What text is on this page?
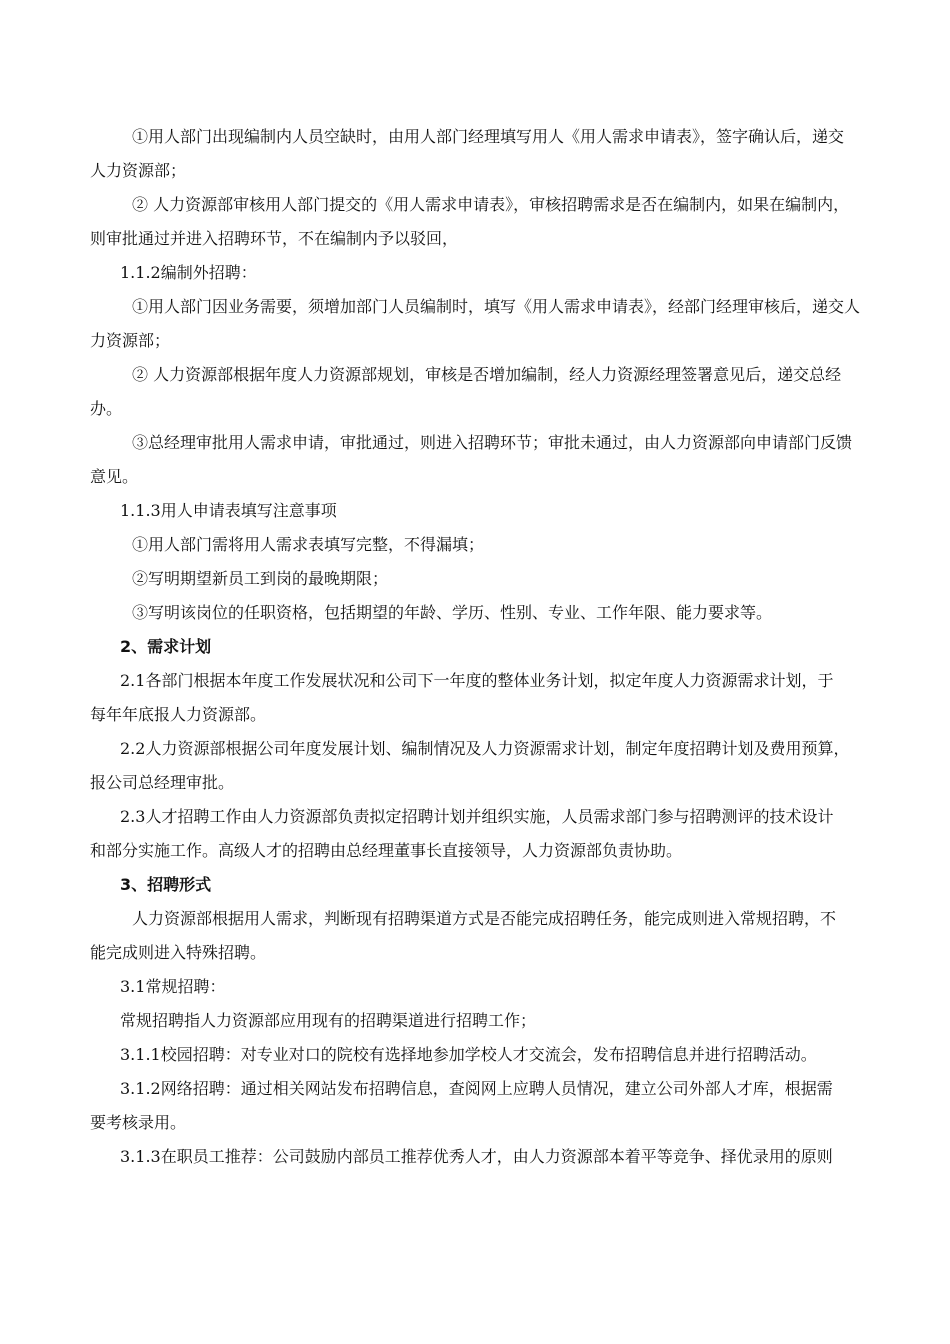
①用人部门出现编制内人员空缺时，由用人部门经理填写用人《用人需求申请表》，签字确认后，递交
人力资源部；
② 人力资源部审核用人部门提交的《用人需求申请表》，审核招聘需求是否在编制内，如果在编制内，
则审批通过并进入招聘环节，不在编制内予以驳回，
1.1.2编制外招聘：
①用人部门因业务需要，须增加部门人员编制时，填写《用人需求申请表》，经部门经理审核后，递交人
力资源部；
② 人力资源部根据年度人力资源部规划，审核是否增加编制，经人力资源经理签署意见后，递交总经
办。
③总经理审批用人需求申请，审批通过，则进入招聘环节；审批未通过，由人力资源部向申请部门反馈
意见。
1.1.3用人申请表填写注意事项
①用人部门需将用人需求表填写完整，不得漏填；
②写明期望新员工到岗的最晚期限；
③写明该岗位的任职资格，包括期望的年龄、学历、性别、专业、工作年限、能力要求等。
2、需求计划
2.1各部门根据本年度工作发展状况和公司下一年度的整体业务计划，拟定年度人力资源需求计划，于
每年年底报人力资源部。
2.2人力资源部根据公司年度发展计划、编制情况及人力资源需求计划，制定年度招聘计划及费用预算，
报公司总经理审批。
2.3人才招聘工作由人力资源部负责拟定招聘计划并组织实施，人员需求部门参与招聘测评的技术设计
和部分实施工作。高级人才的招聘由总经理董事长直接领导，人力资源部负责协助。
3、招聘形式
人力资源部根据用人需求，判断现有招聘渠道方式是否能完成招聘任务，能完成则进入常规招聘，不
能完成则进入特殊招聘。
3.1常规招聘：
常规招聘指人力资源部应用现有的招聘渠道进行招聘工作；
3.1.1校园招聘：对专业对口的院校有选择地参加学校人才交流会，发布招聘信息并进行招聘活动。
3.1.2网络招聘：通过相关网站发布招聘信息，查阅网上应聘人员情况，建立公司外部人才库，根据需
要考核录用。
3.1.3在职员工推荐：公司鼓励内部员工推荐优秀人才，由人力资源部本着平等竞争、择优录用的原则
